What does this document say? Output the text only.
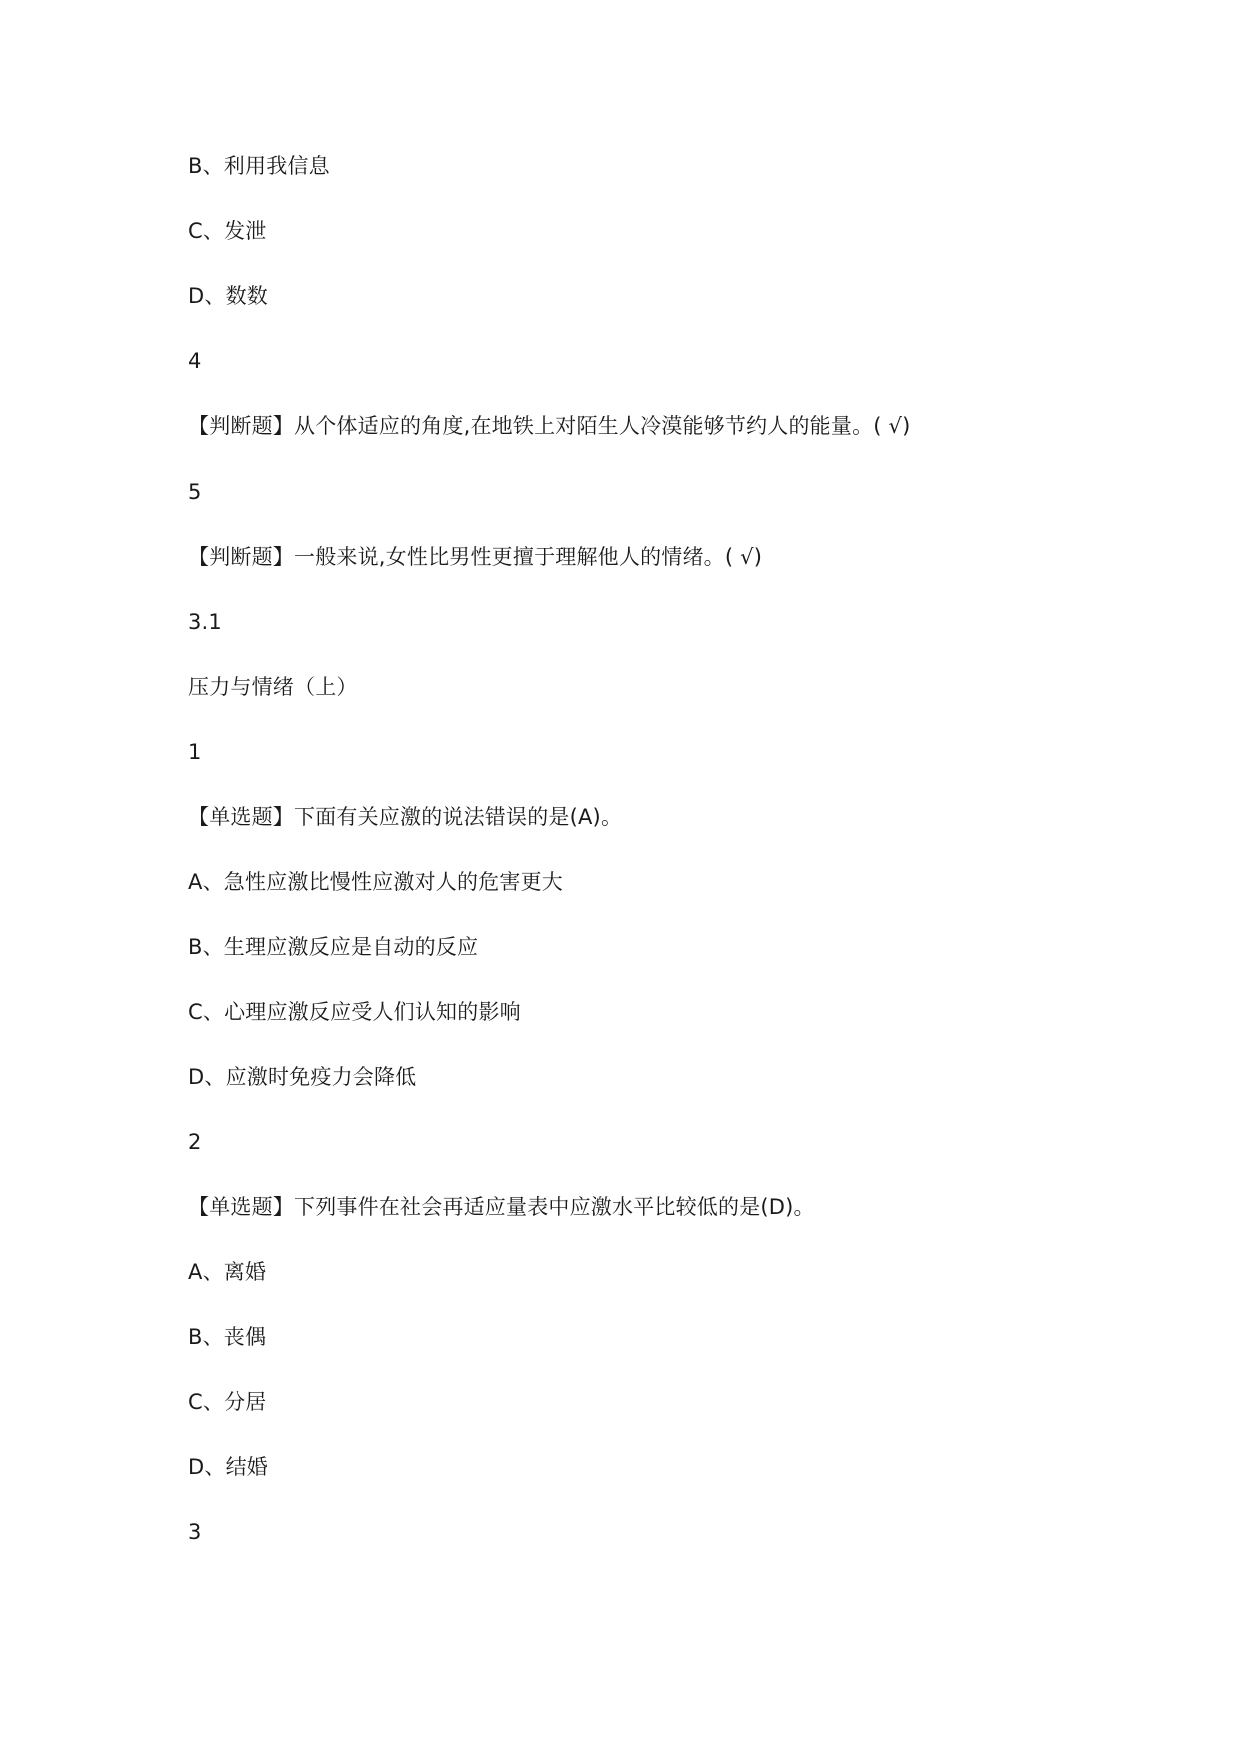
B、利用我信息
C、发泄
D、数数
4
【判断题】从个体适应的角度,在地铁上对陌生人冷漠能够节约人的能量。( √)
5
【判断题】一般来说,女性比男性更擅于理解他人的情绪。( √)
3.1
压力与情绪（上）
1
【单选题】下面有关应激的说法错误的是(A)。
A、急性应激比慢性应激对人的危害更大
B、生理应激反应是自动的反应
C、心理应激反应受人们认知的影响
D、应激时免疫力会降低
2
【单选题】下列事件在社会再适应量表中应激水平比较低的是(D)。
A、离婚
B、丧偶
C、分居
D、结婚
3
